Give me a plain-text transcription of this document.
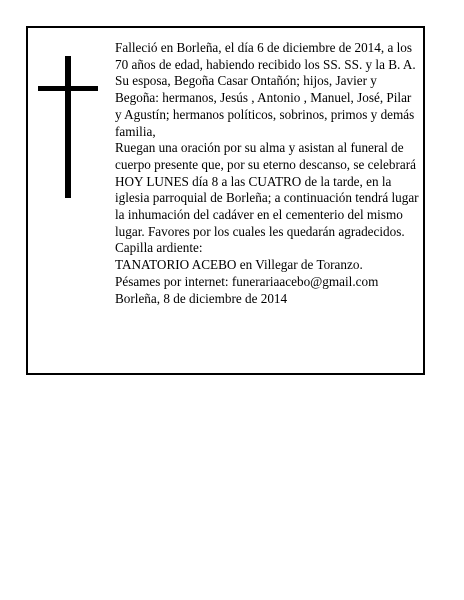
Falleció en Borleña, el día 6 de diciembre de 2014, a los 70 años de edad, habiendo recibido los SS. SS. y la B. A.

Su esposa, Begoña Casar Ontañón; hijos, Javier y Begoña: hermanos, Jesús , Antonio , Manuel, José, Pilar y Agustín; hermanos políticos, sobrinos, primos y demás familia,

Ruegan una oración por su alma y asistan al funeral de cuerpo presente que, por su eterno descanso, se celebrará HOY LUNES día 8 a las CUATRO de la tarde, en la iglesia parroquial de Borleña; a continuación tendrá lugar la inhumación del cadáver en el cementerio del mismo lugar. Favores por los cuales les quedarán agradecidos. Capilla ardiente:

TANATORIO ACEBO en Villegar de Toranzo.

Pésames por internet: funerariaacebo@gmail.com

Borleña, 8 de diciembre de 2014
